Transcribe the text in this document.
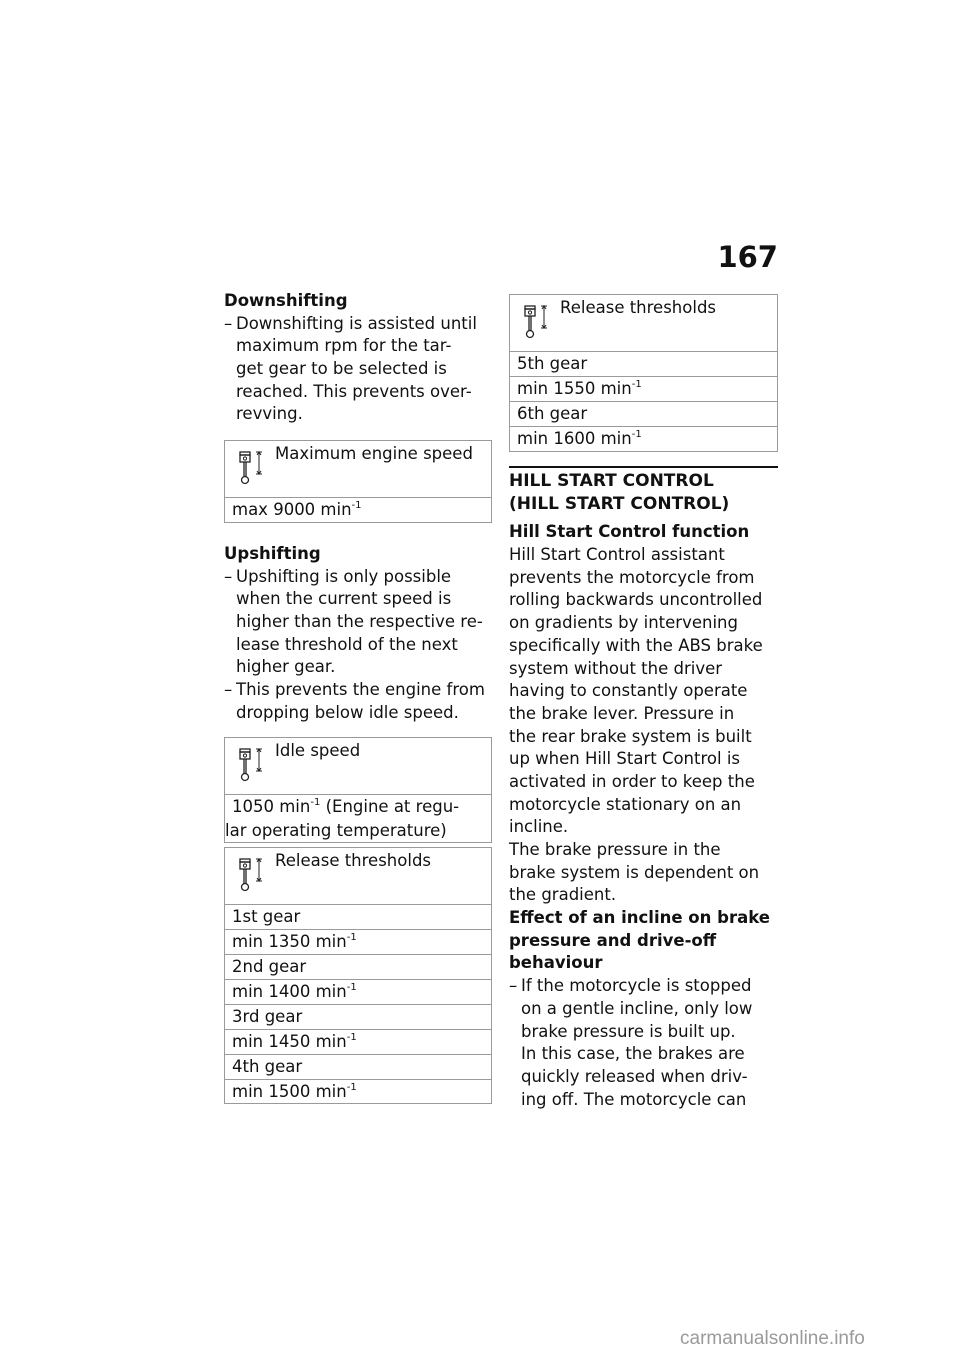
167
Downshifting
– Downshifting is assisted until
maximum rpm for the tar-
get gear to be selected is
reached. This prevents over-
revving.
Maximum engine speed
max 9000 $\min^{-1}$
Upshifting
– Upshifting is only possible
when the current speed is
higher than the respective re-
lease threshold of the next
higher gear.
– This prevents the engine from
dropping below idle speed.
Idle speed
1050 $\min^{-1}$ (Engine at regu-
lar operating temperature)
Release thresholds
1st gear
min 1350 $\min^{-1}$
2nd gear
min 1400 $\min^{-1}$
3rd gear
min 1450 $\min^{-1}$
4th gear
min 1500 $\min^{-1}$
Release thresholds
5th gear
min 1550 $\min^{-1}$
6th gear
min 1600 $\min^{-1}$
HILL START CONTROL
(HILL START CONTROL)
Hill Start Control function
Hill Start Control assistant
prevents the motorcycle from
rolling backwards uncontrolled
on gradients by intervening
specifically with the ABS brake
system without the driver
having to constantly operate
the brake lever. Pressure in
the rear brake system is built
up when Hill Start Control is
activated in order to keep the
motorcycle stationary on an
incline.
The brake pressure in the
brake system is dependent on
the gradient.
Effect of an incline on brake
pressure and drive-off
behaviour
– If the motorcycle is stopped
on a gentle incline, only low
brake pressure is built up.
In this case, the brakes are
quickly released when driv-
ing off. The motorcycle can
carmanualsonline.info
